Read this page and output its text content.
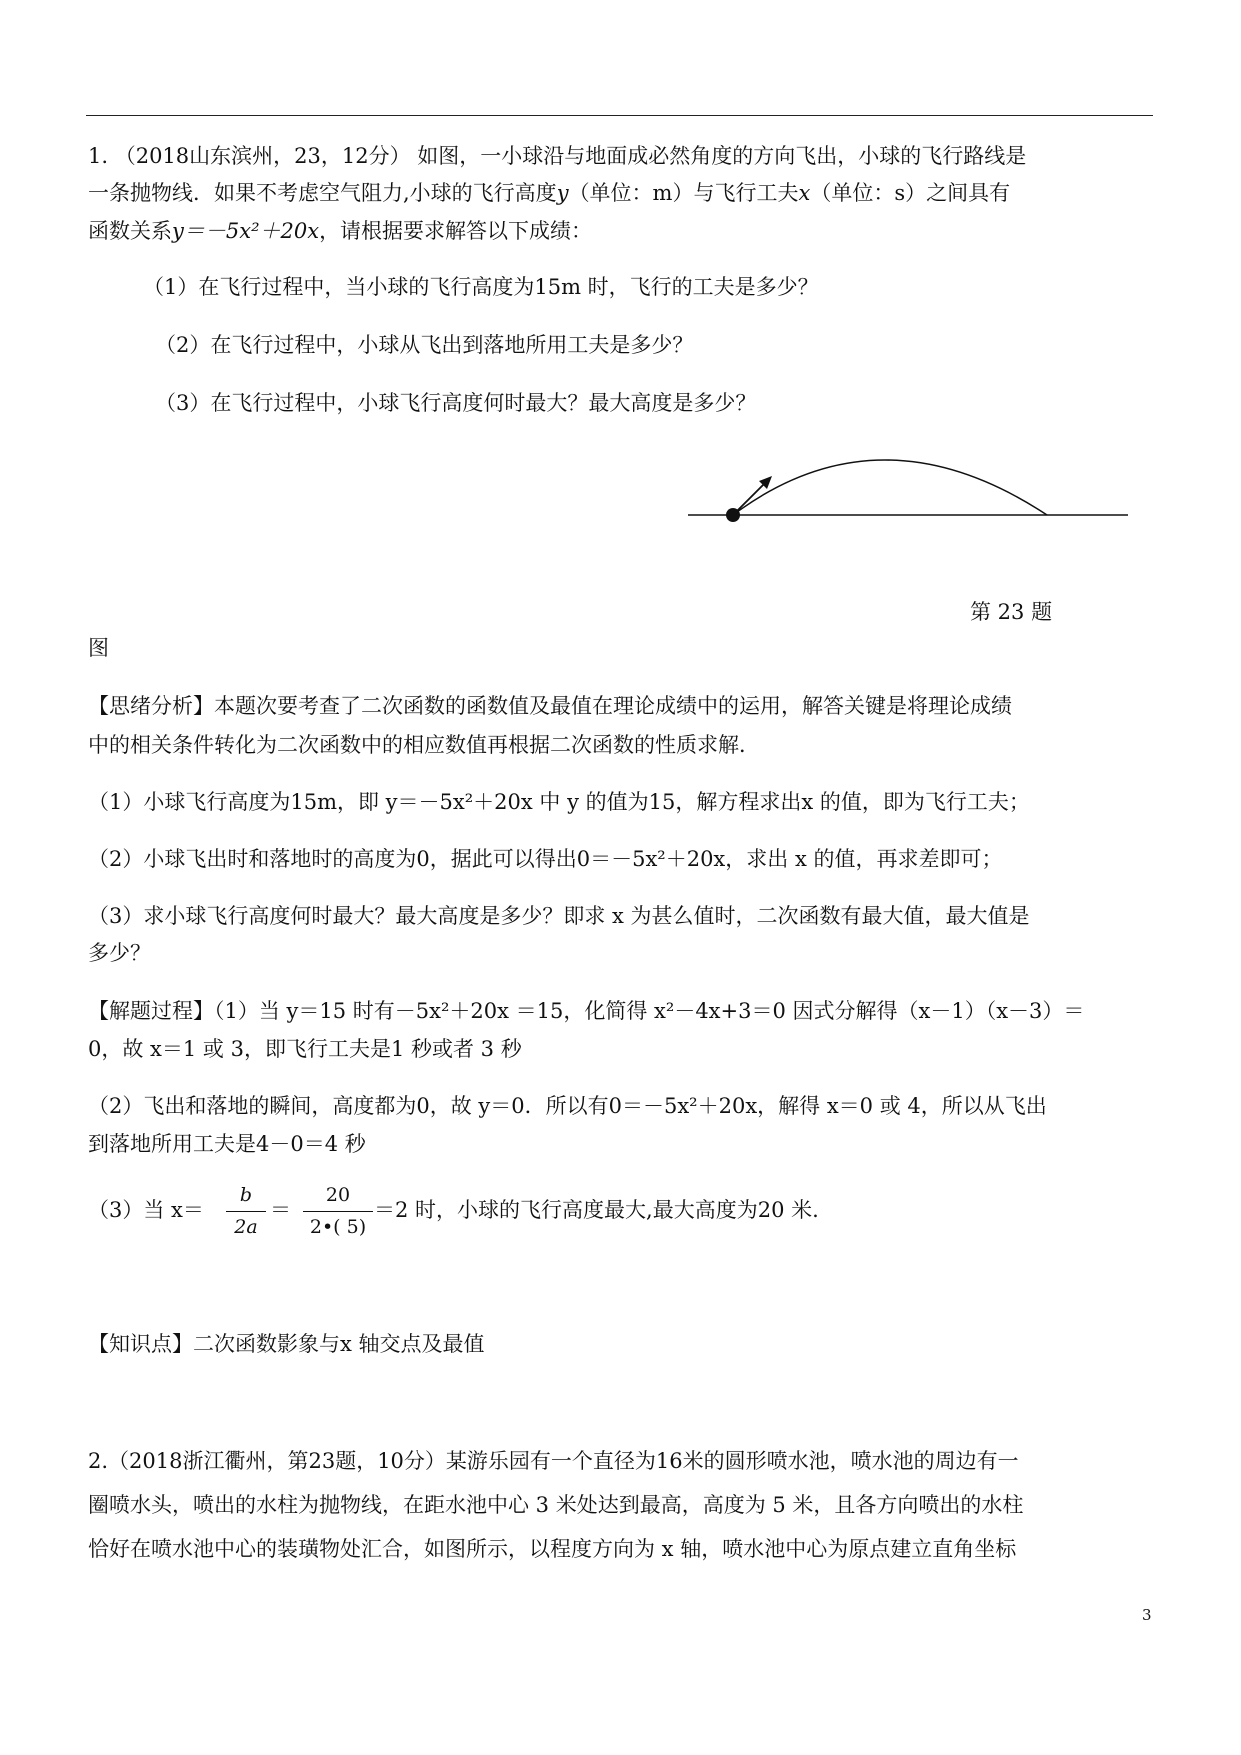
1. （2018山东滨州，23，12分） 如图，一小球沿与地面成必然角度的方向飞出，小球的飞行路线是
一条抛物线．如果不考虑空气阻力,小球的飞行高度y（单位：m）与飞行工夫x（单位：s）之间具有
函数关系y＝－5x²＋20x，请根据要求解答以下成绩：
（1）在飞行过程中，当小球的飞行高度为15m 时，飞行的工夫是多少？
（2）在飞行过程中，小球从飞出到落地所用工夫是多少？
（3）在飞行过程中，小球飞行高度何时最大？最大高度是多少？
第 23 题
图
【思绪分析】本题次要考查了二次函数的函数值及最值在理论成绩中的运用，解答关键是将理论成绩
中的相关条件转化为二次函数中的相应数值再根据二次函数的性质求解．
（1）小球飞行高度为15m，即 y＝－5x²＋20x 中 y 的值为15，解方程求出x 的值，即为飞行工夫；
（2）小球飞出时和落地时的高度为0，据此可以得出0＝－5x²＋20x，求出 x 的值，再求差即可；
（3）求小球飞行高度何时最大？最大高度是多少？即求 x 为甚么值时，二次函数有最大值，最大值是
多少？
【解题过程】（1）当 y＝15 时有－5x²＋20x ＝15，化简得 x²－4x+3＝0 因式分解得（x－1）（x－3）＝
0，故 x＝1 或 3，即飞行工夫是1 秒或者 3 秒
（2）飞出和落地的瞬间，高度都为0，故 y＝0．所以有0＝－5x²＋20x，解得 x＝0 或 4，所以从飞出
到落地所用工夫是4－0＝4 秒
（3）当 x＝
b
2a
＝
20
2•( 5)
＝2 时，小球的飞行高度最大,最大高度为20 米.
【知识点】二次函数影象与x 轴交点及最值
2.（2018浙江衢州，第23题，10分）某游乐园有一个直径为16米的圆形喷水池，喷水池的周边有一
圈喷水头，喷出的水柱为抛物线，在距水池中心 3 米处达到最高，高度为 5 米，且各方向喷出的水柱
恰好在喷水池中心的装璜物处汇合，如图所示，以程度方向为 x 轴，喷水池中心为原点建立直角坐标
3
